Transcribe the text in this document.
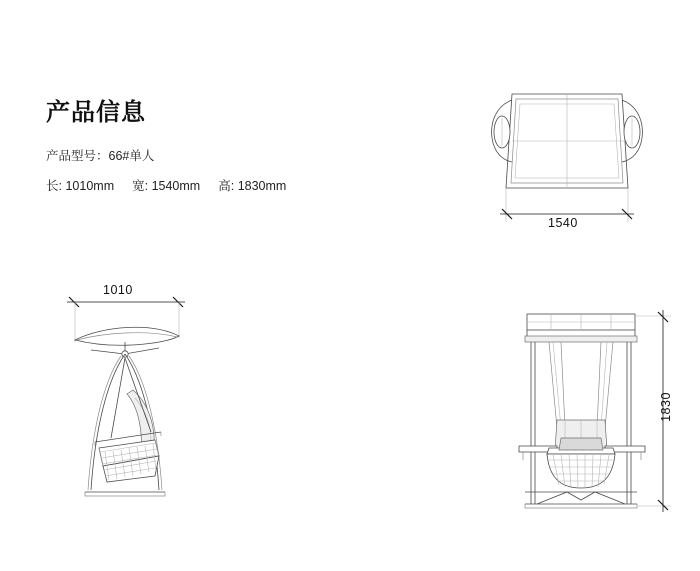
产品信息
产品型号：66#单人
长: 1010mm 宽: 1540mm 高: 1830mm
1540
1010
1830
